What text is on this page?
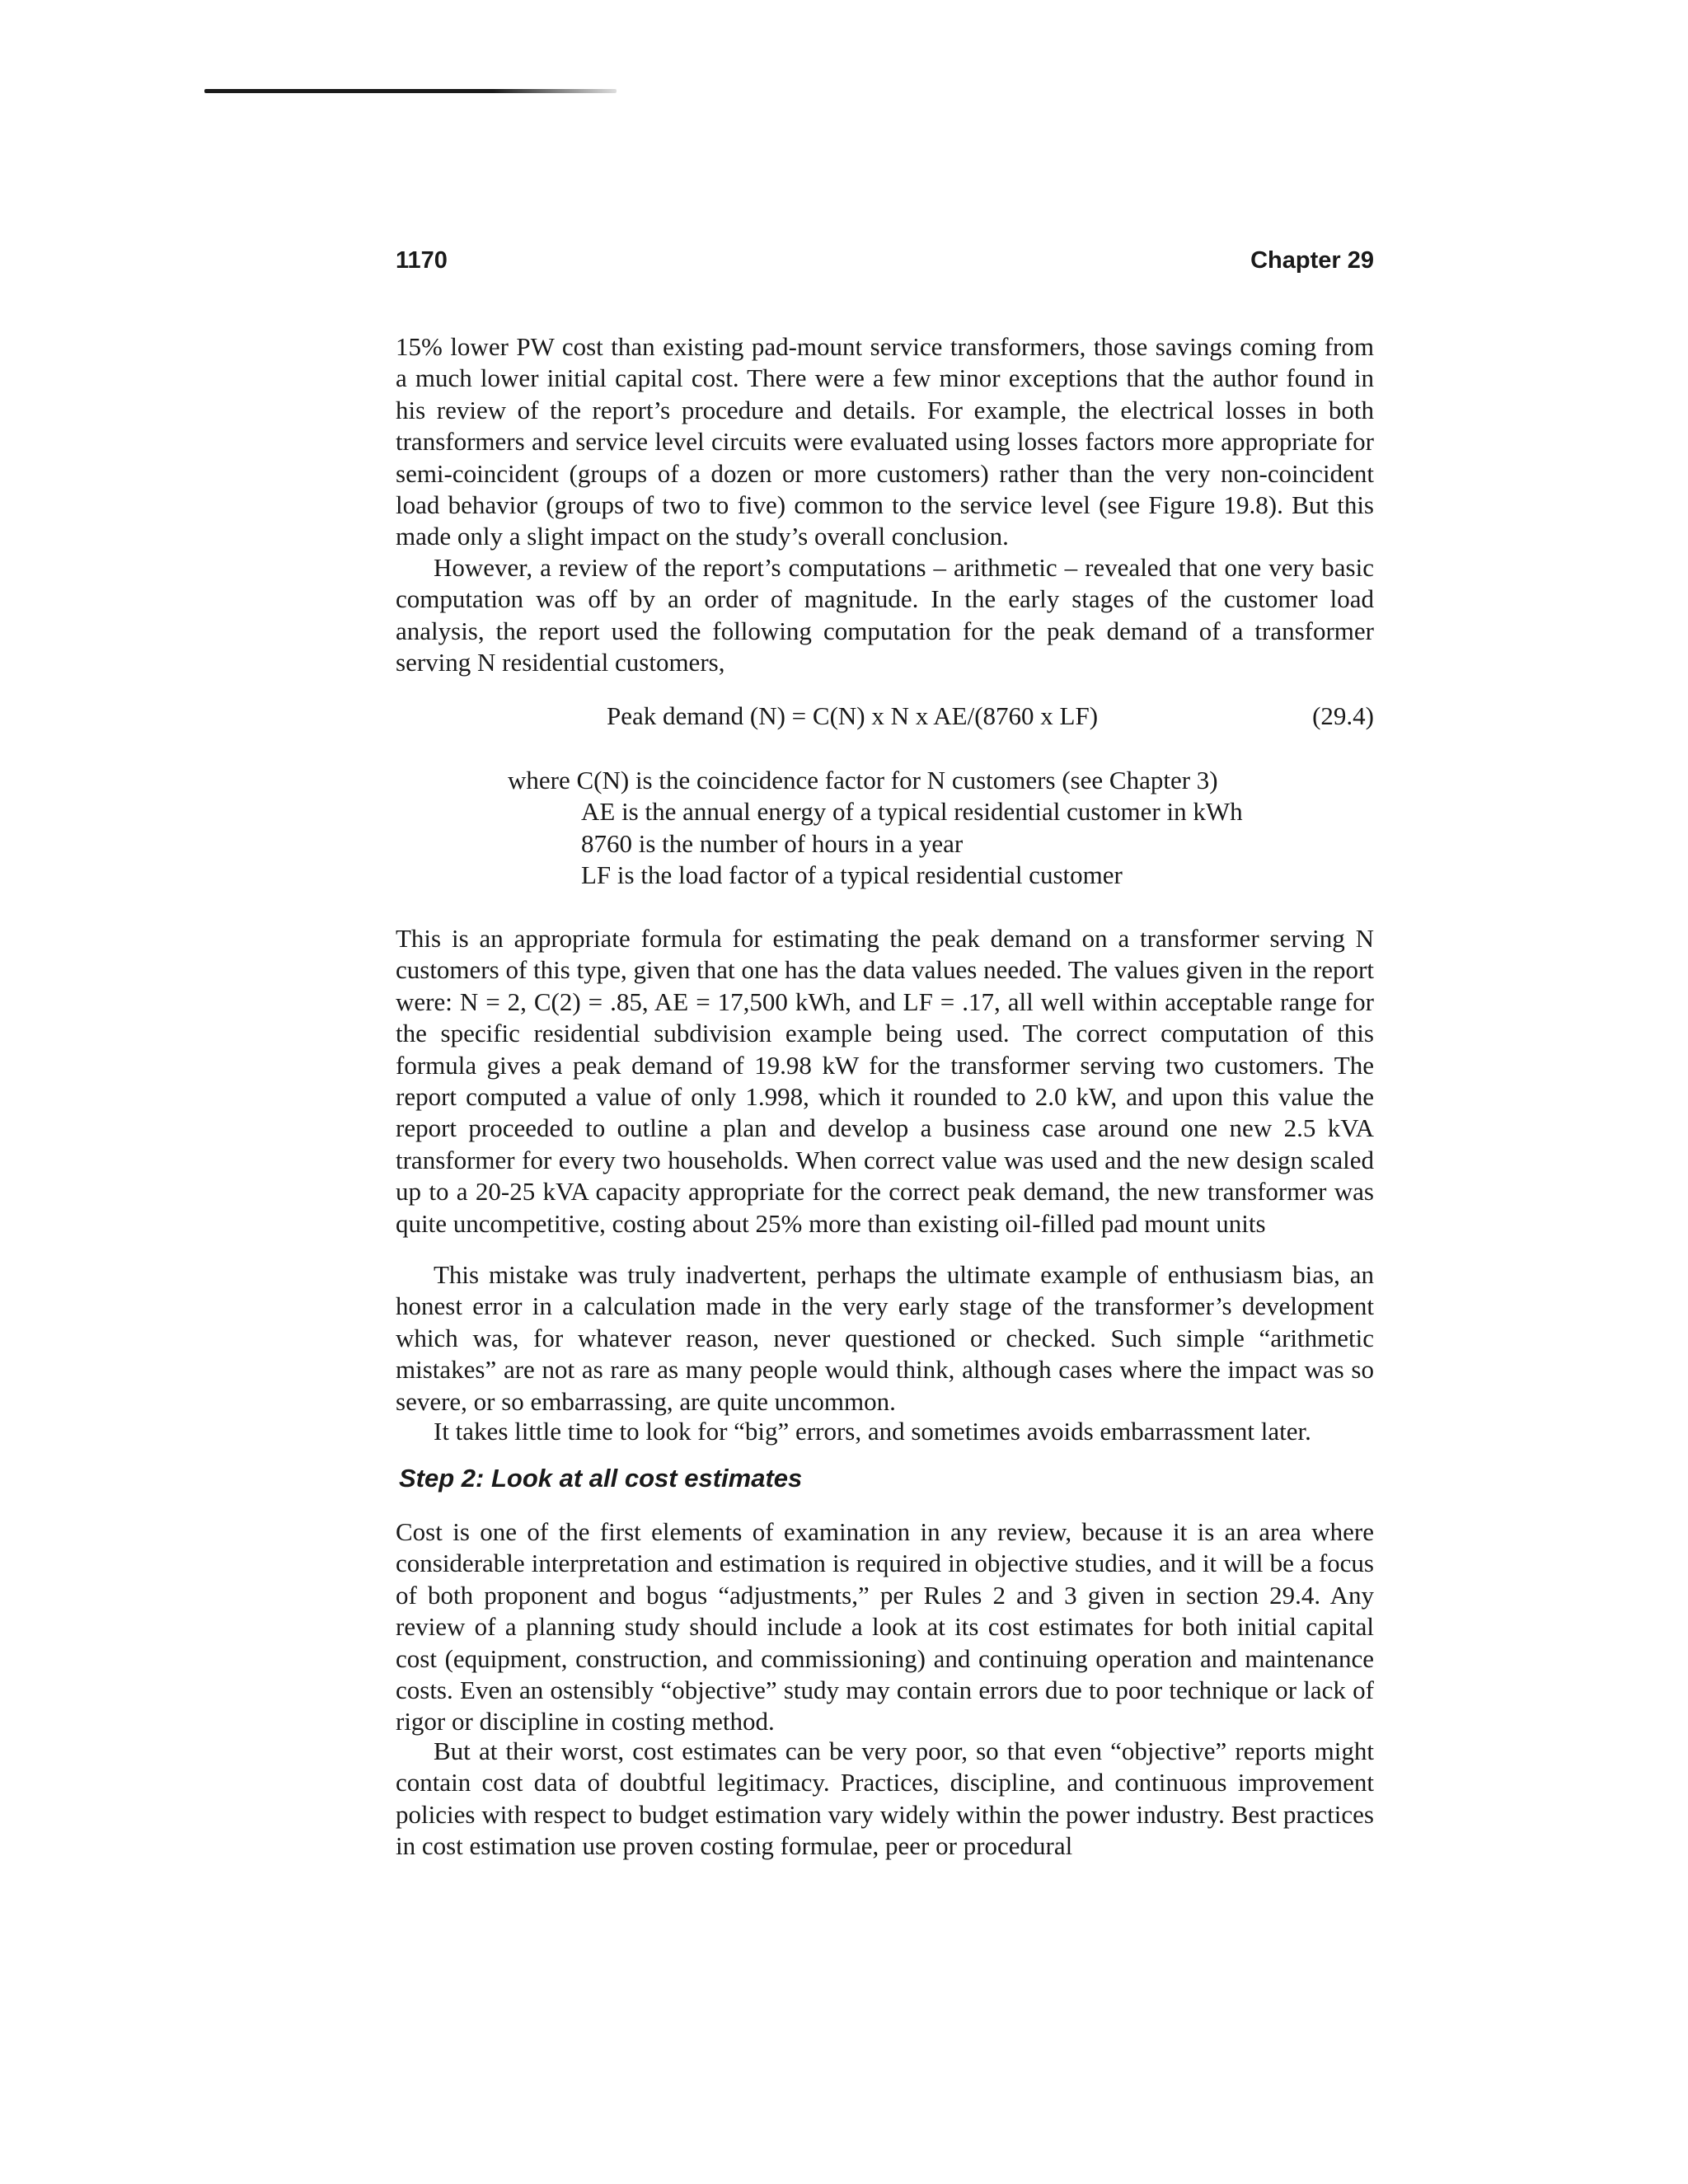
1170	Chapter 29

15% lower PW cost than existing pad-mount service transformers, those savings coming from a much lower initial capital cost. There were a few minor exceptions that the author found in his review of the report’s procedure and details. For example, the electrical losses in both transformers and service level circuits were evaluated using losses factors more appropriate for semi-coincident (groups of a dozen or more customers) rather than the very non-coincident load behavior (groups of two to five) common to the service level (see Figure 19.8). But this made only a slight impact on the study’s overall conclusion.

However, a review of the report’s computations – arithmetic – revealed that one very basic computation was off by an order of magnitude. In the early stages of the customer load analysis, the report used the following computation for the peak demand of a transformer serving N residential customers,

Peak demand (N) = C(N) x N x AE/(8760 x LF)	(29.4)
where C(N) is the coincidence factor for N customers (see Chapter 3)
AE is the annual energy of a typical residential customer in kWh
8760 is the number of hours in a year
LF is the load factor of a typical residential customer

This is an appropriate formula for estimating the peak demand on a transformer serving N customers of this type, given that one has the data values needed. The values given in the report were: N = 2, C(2) = .85, AE = 17,500 kWh, and LF = .17, all well within acceptable range for the specific residential subdivision example being used. The correct computation of this formula gives a peak demand of 19.98 kW for the transformer serving two customers. The report computed a value of only 1.998, which it rounded to 2.0 kW, and upon this value the report proceeded to outline a plan and develop a business case around one new 2.5 kVA transformer for every two households. When correct value was used and the new design scaled up to a 20-25 kVA capacity appropriate for the correct peak demand, the new transformer was quite uncompetitive, costing about 25% more than existing oil-filled pad mount units

This mistake was truly inadvertent, perhaps the ultimate example of enthusiasm bias, an honest error in a calculation made in the very early stage of the transformer’s development which was, for whatever reason, never questioned or checked. Such simple “arithmetic mistakes” are not as rare as many people would think, although cases where the impact was so severe, or so embarrassing, are quite uncommon.

It takes little time to look for “big” errors, and sometimes avoids embarrassment later.

Step 2: Look at all cost estimates

Cost is one of the first elements of examination in any review, because it is an area where considerable interpretation and estimation is required in objective studies, and it will be a focus of both proponent and bogus “adjustments,” per Rules 2 and 3 given in section 29.4. Any review of a planning study should include a look at its cost estimates for both initial capital cost (equipment, construction, and commissioning) and continuing operation and maintenance costs. Even an ostensibly “objective” study may contain errors due to poor technique or lack of rigor or discipline in costing method.

But at their worst, cost estimates can be very poor, so that even “objective” reports might contain cost data of doubtful legitimacy. Practices, discipline, and continuous improvement policies with respect to budget estimation vary widely within the power industry. Best practices in cost estimation use proven costing formulae, peer or procedural
